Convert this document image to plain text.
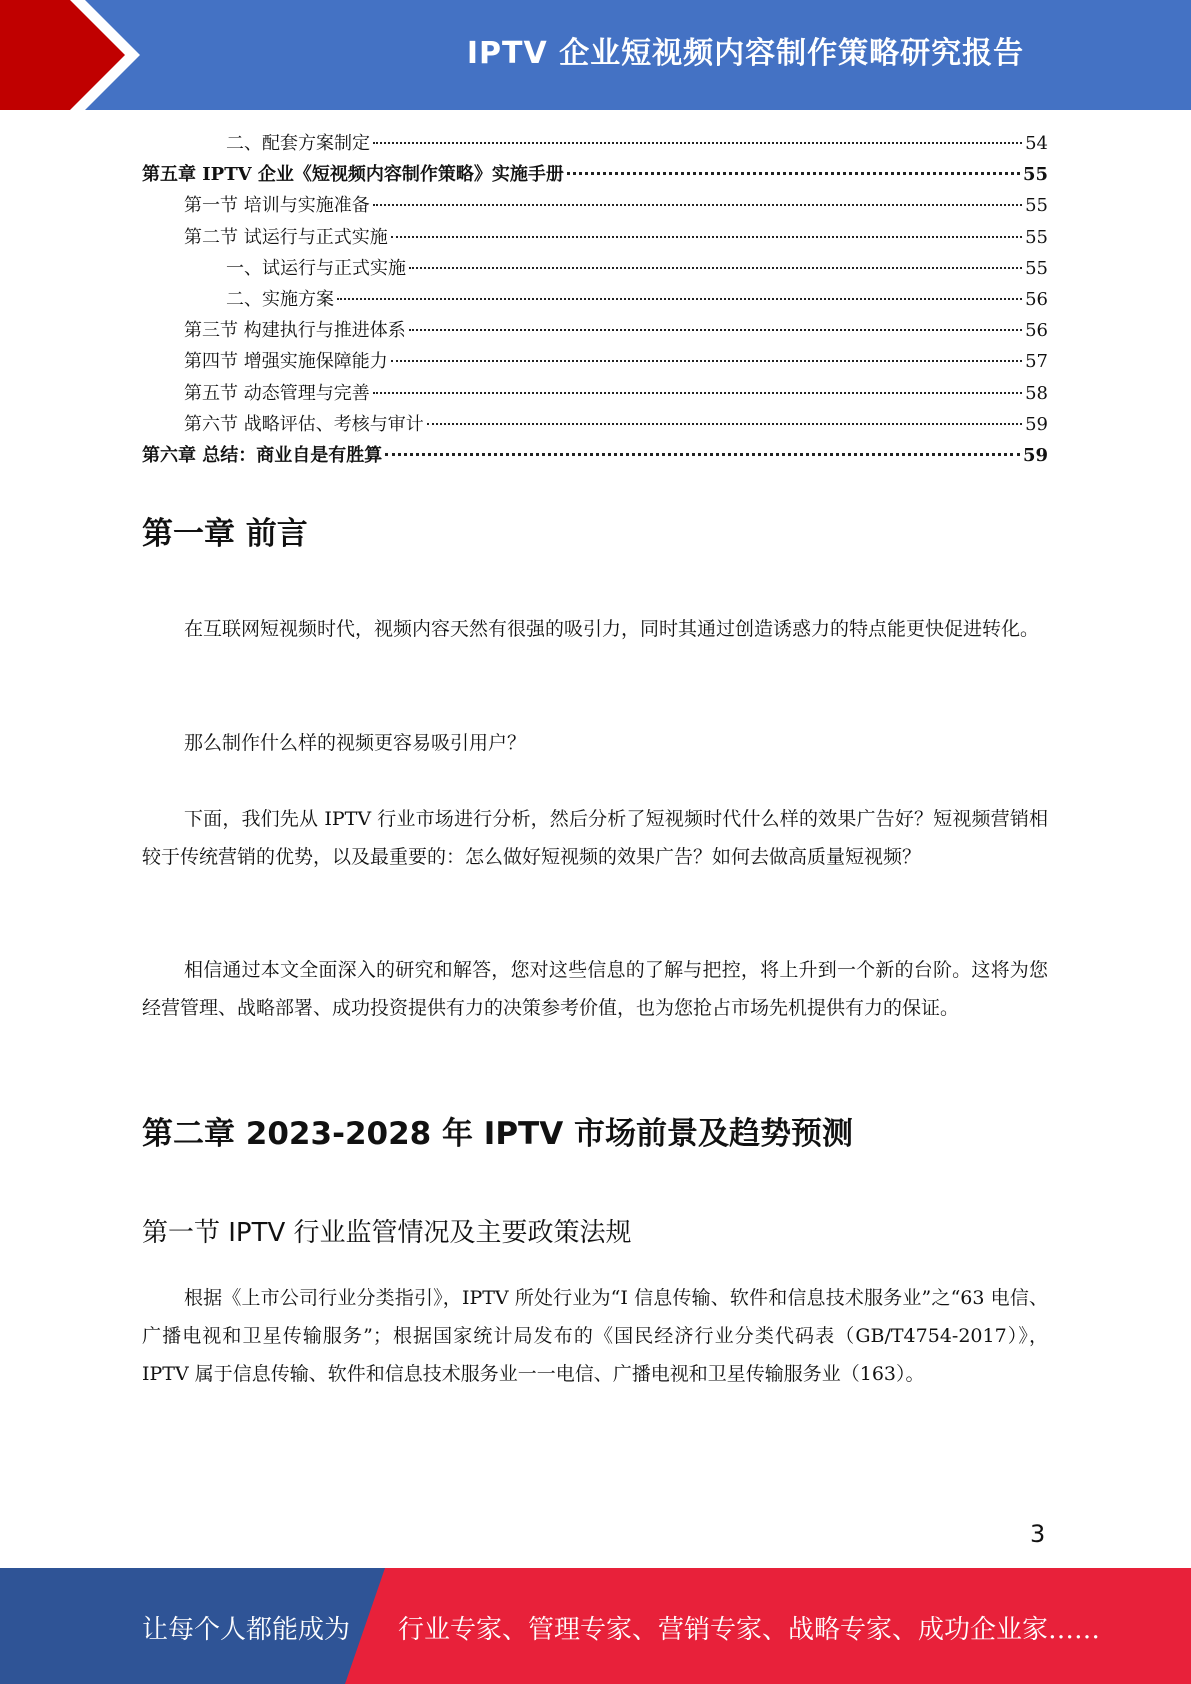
IPTV 企业短视频内容制作策略研究报告
二、配套方案制定	54
第五章 IPTV 企业《短视频内容制作策略》实施手册	55
第一节 培训与实施准备	55
第二节 试运行与正式实施	55
一、试运行与正式实施	55
二、实施方案	56
第三节 构建执行与推进体系	56
第四节 增强实施保障能力	57
第五节 动态管理与完善	58
第六节 战略评估、考核与审计	59
第六章 总结：商业自是有胜算	59
第一章 前言

在互联网短视频时代，视频内容天然有很强的吸引力，同时其通过创造诱惑力的特点能更快促进转化。

那么制作什么样的视频更容易吸引用户？

下面，我们先从 IPTV 行业市场进行分析，然后分析了短视频时代什么样的效果广告好？短视频营销相较于传统营销的优势，以及最重要的：怎么做好短视频的效果广告？如何去做高质量短视频？

相信通过本文全面深入的研究和解答，您对这些信息的了解与把控，将上升到一个新的台阶。这将为您经营管理、战略部署、成功投资提供有力的决策参考价值，也为您抢占市场先机提供有力的保证。

第二章 2023-2028 年 IPTV 市场前景及趋势预测
第一节 IPTV 行业监管情况及主要政策法规

根据《上市公司行业分类指引》，IPTV 所处行业为“I 信息传输、软件和信息技术服务业”之“63 电信、广播电视和卫星传输服务”；根据国家统计局发布的《国民经济行业分类代码表（GB/T4754-2017）》，IPTV 属于信息传输、软件和信息技术服务业一一电信、广播电视和卫星传输服务业（163）。

3
让每个人都能成为 行业专家、管理专家、营销专家、战略专家、成功企业家……
